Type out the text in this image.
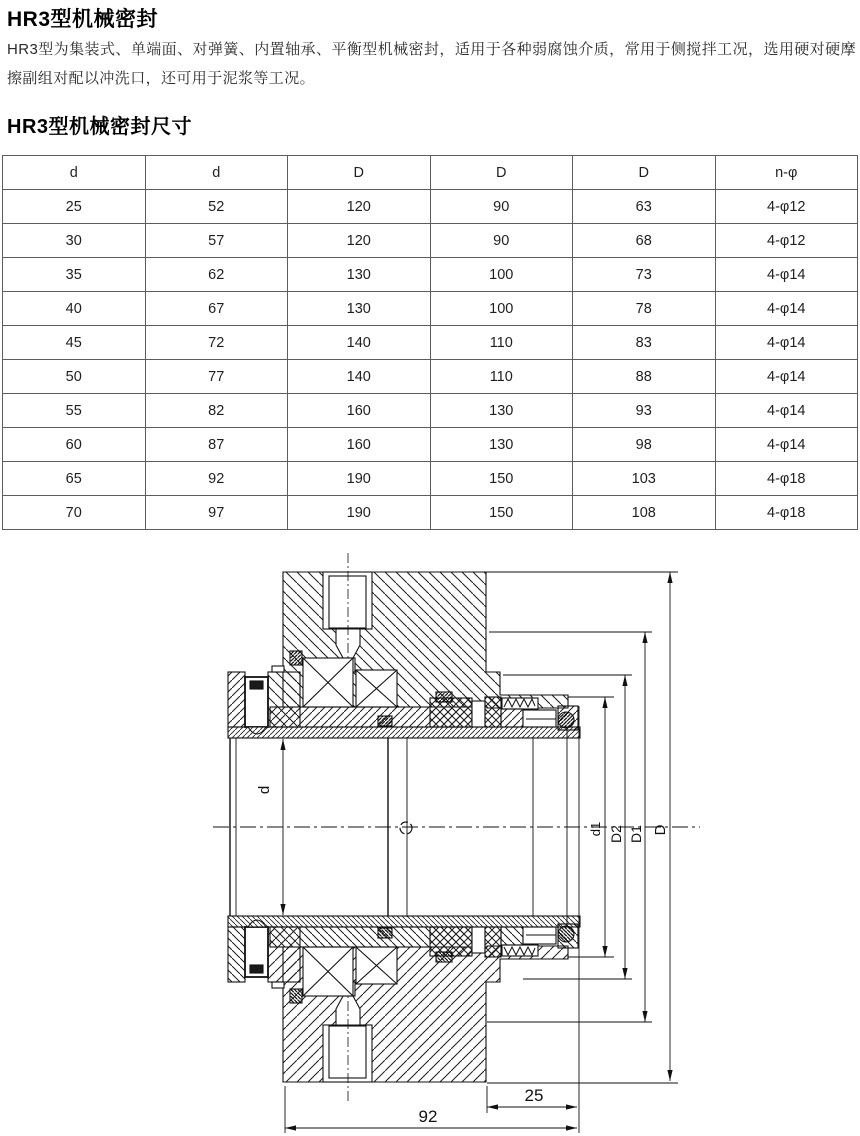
HR3型机械密封

HR3型为集装式、单端面、对弹簧、内置轴承、平衡型机械密封，适用于各种弱腐蚀介质，常用于侧搅拌工况，选用硬对硬摩擦副组对配以冲洗口，还可用于泥浆等工况。

HR3型机械密封尺寸
d	d	D	D	D	n-φ
25	52	120	90	63	4-φ12
30	57	120	90	68	4-φ12
35	62	130	100	73	4-φ14
40	67	130	100	78	4-φ14
45	72	140	110	83	4-φ14
50	77	140	110	88	4-φ14
55	82	160	130	93	4-φ14
60	87	160	130	98	4-φ14
65	92	190	150	103	4-φ18
70	97	190	150	108	4-φ18
d
d1 D2 D1 D
25
92
